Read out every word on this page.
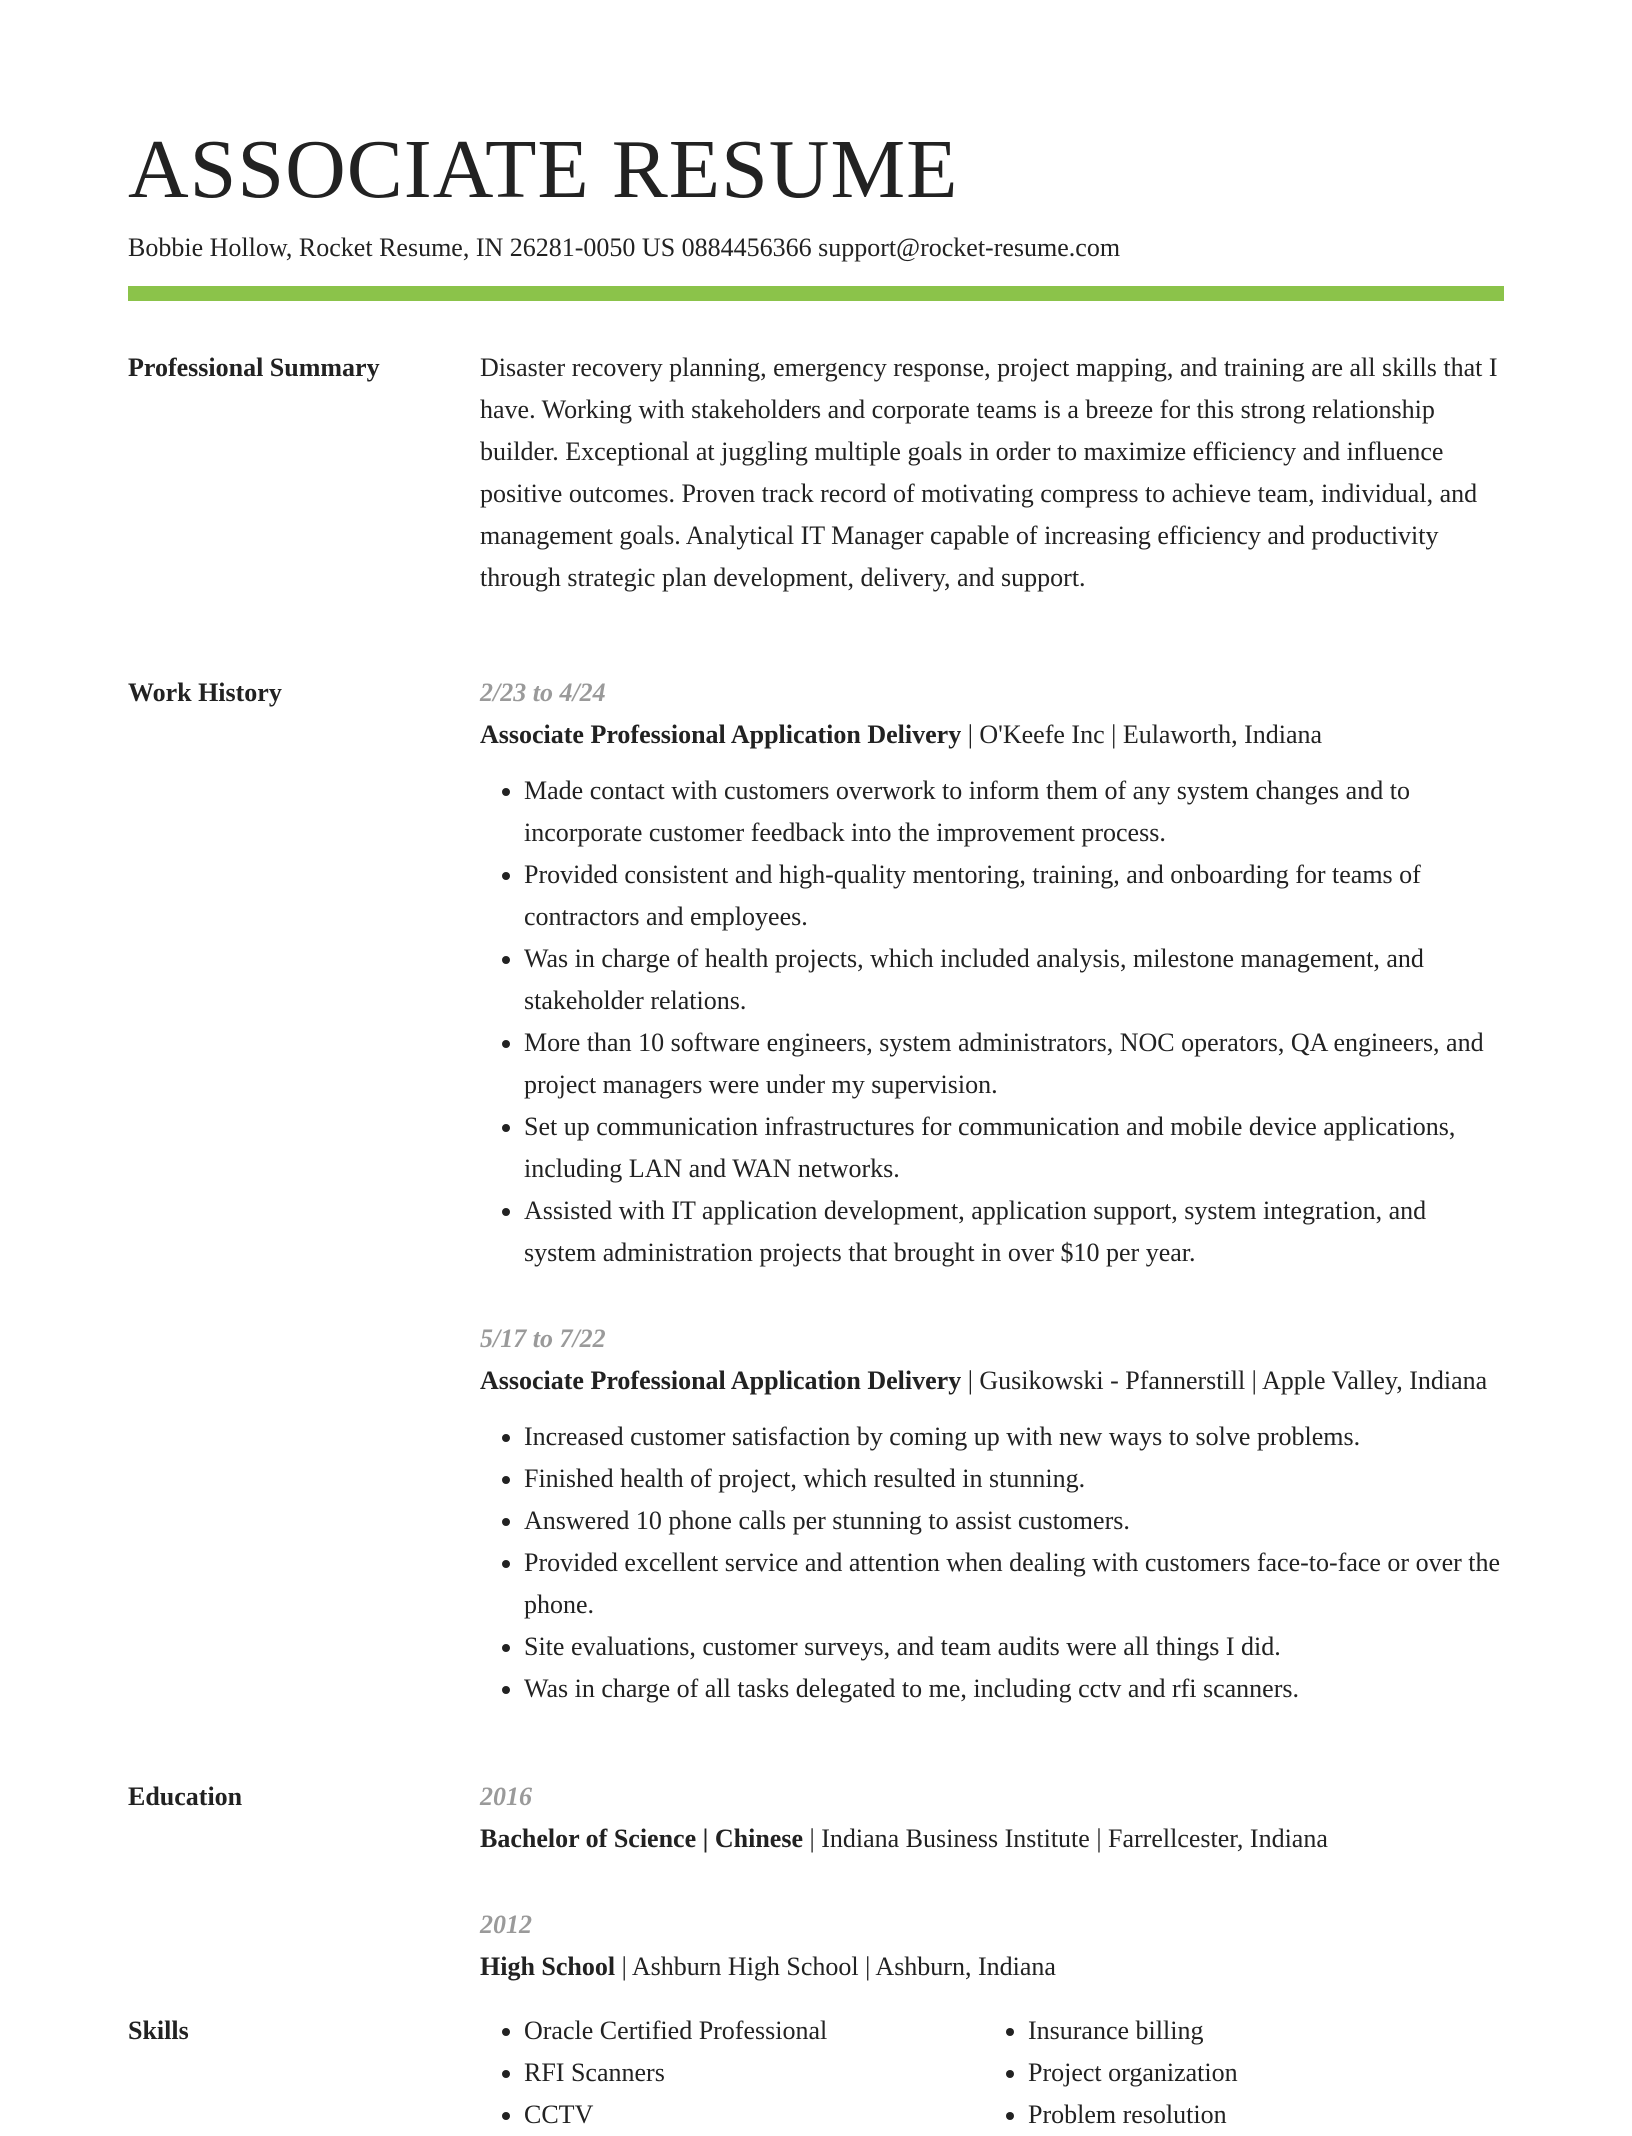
ASSOCIATE RESUME
Bobbie Hollow, Rocket Resume, IN 26281-0050 US 0884456366 support@rocket-resume.com
Professional Summary	Disaster recovery planning, emergency response, project mapping, and training are all skills that I have. Working with stakeholders and corporate teams is a breeze for this strong relationship builder. Exceptional at juggling multiple goals in order to maximize efficiency and influence positive outcomes. Proven track record of motivating compress to achieve team, individual, and management goals. Analytical IT Manager capable of increasing efficiency and productivity through strategic plan development, delivery, and support.

Work History	2/23 to 4/24
Associate Professional Application Delivery | O'Keefe Inc | Eulaworth, Indiana
• Made contact with customers overwork to inform them of any system changes and to incorporate customer feedback into the improvement process.
• Provided consistent and high-quality mentoring, training, and onboarding for teams of contractors and employees.
• Was in charge of health projects, which included analysis, milestone management, and stakeholder relations.
• More than 10 software engineers, system administrators, NOC operators, QA engineers, and project managers were under my supervision.
• Set up communication infrastructures for communication and mobile device applications, including LAN and WAN networks.
• Assisted with IT application development, application support, system integration, and system administration projects that brought in over $10 per year.
5/17 to 7/22
Associate Professional Application Delivery | Gusikowski - Pfannerstill | Apple Valley, Indiana
• Increased customer satisfaction by coming up with new ways to solve problems.
• Finished health of project, which resulted in stunning.
• Answered 10 phone calls per stunning to assist customers.
• Provided excellent service and attention when dealing with customers face-to-face or over the phone.
• Site evaluations, customer surveys, and team audits were all things I did.
• Was in charge of all tasks delegated to me, including cctv and rfi scanners.
Education	2016
Bachelor of Science | Chinese | Indiana Business Institute | Farrellcester, Indiana
2012
High School | Ashburn High School | Ashburn, Indiana
Skills
•	Oracle Certified Professional
• RFI Scanners
• CCTV
• Insurance billing
• Project organization
• Problem resolution
